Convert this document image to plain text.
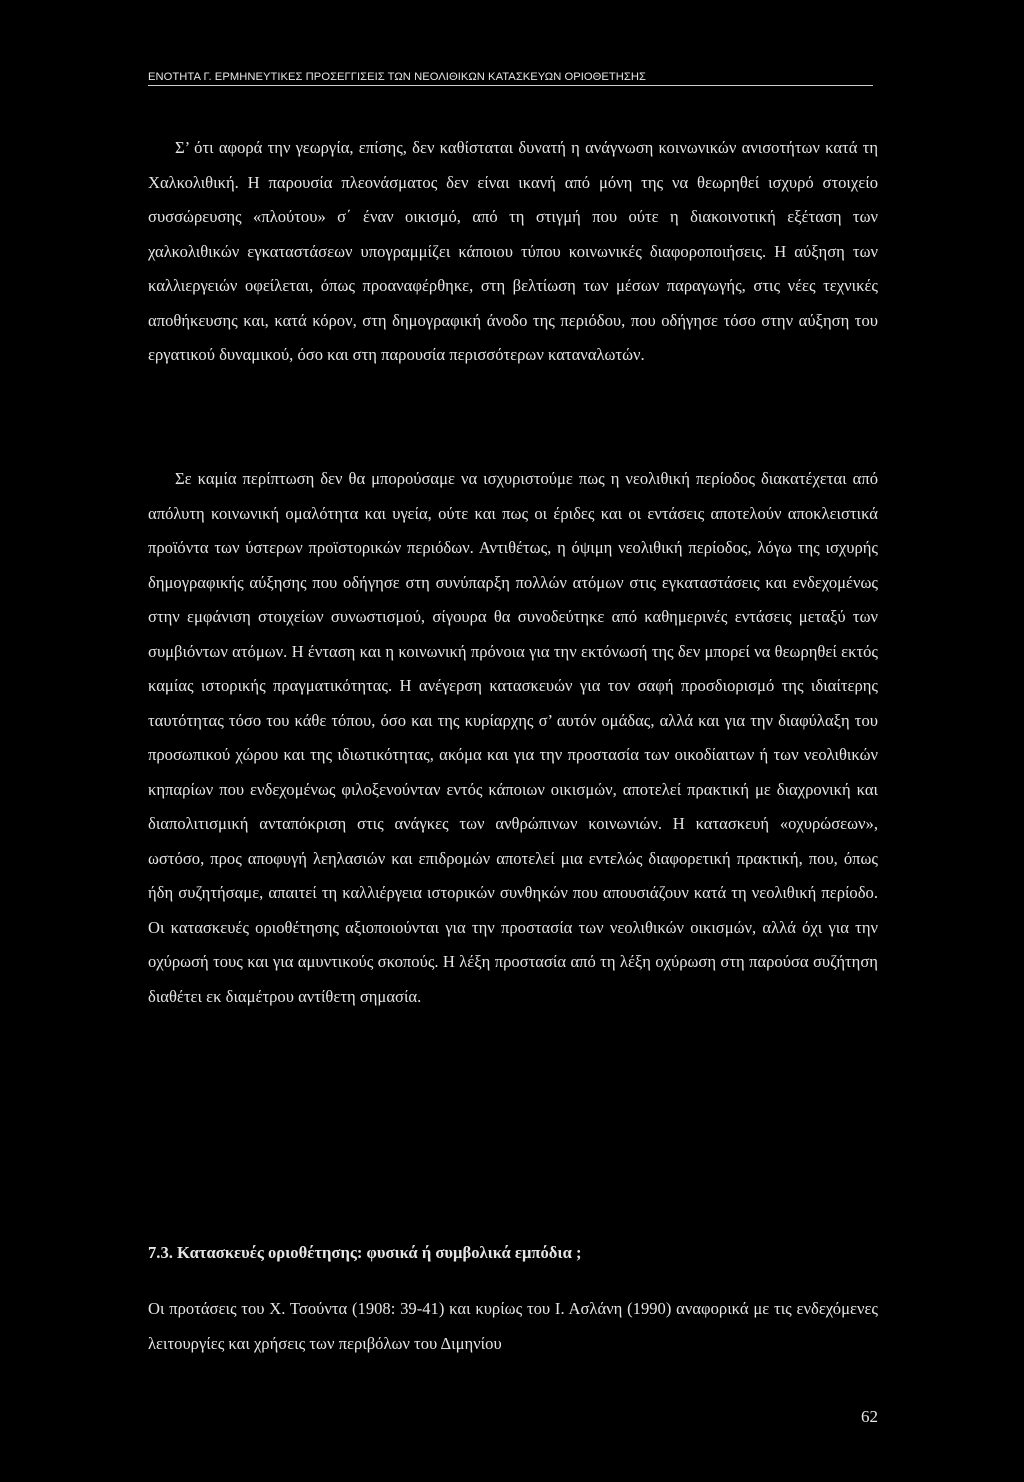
ΕΝΟΤΗΤΑ Γ. ΕΡΜΗΝΕΥΤΙΚΕΣ ΠΡΟΣΕΓΓΙΣΕΙΣ ΤΩΝ ΝΕΟΛΙΘΙΚΩΝ ΚΑΤΑΣΚΕΥΩΝ ΟΡΙΟΘΕΤΗΣΗΣ

Σ’ ότι αφορά την γεωργία, επίσης, δεν καθίσταται δυνατή η ανάγνωση κοινωνικών ανισοτήτων κατά τη Χαλκολιθική. Η παρουσία πλεονάσματος δεν είναι ικανή από μόνη της να θεωρηθεί ισχυρό στοιχείο συσσώρευσης «πλούτου» σ΄ έναν οικισμό, από τη στιγμή που ούτε η διακοινοτική εξέταση των χαλκολιθικών εγκαταστάσεων υπογραμμίζει κάποιου τύπου κοινωνικές διαφοροποιήσεις. Η αύξηση των καλλιεργειών οφείλεται, όπως προαναφέρθηκε, στη βελτίωση των μέσων παραγωγής, στις νέες τεχνικές αποθήκευσης και, κατά κόρον, στη δημογραφική άνοδο της περιόδου, που οδήγησε τόσο στην αύξηση του εργατικού δυναμικού, όσο και στη παρουσία περισσότερων καταναλωτών.

Σε καμία περίπτωση δεν θα μπορούσαμε να ισχυριστούμε πως η νεολιθική περίοδος διακατέχεται από απόλυτη κοινωνική ομαλότητα και υγεία, ούτε και πως οι έριδες και οι εντάσεις αποτελούν αποκλειστικά προϊόντα των ύστερων προϊστορικών περιόδων. Αντιθέτως, η όψιμη νεολιθική περίοδος, λόγω της ισχυρής δημογραφικής αύξησης που οδήγησε στη συνύπαρξη πολλών ατόμων στις εγκαταστάσεις και ενδεχομένως στην εμφάνιση στοιχείων συνωστισμού, σίγουρα θα συνοδεύτηκε από καθημερινές εντάσεις μεταξύ των συμβιόντων ατόμων. Η ένταση και η κοινωνική πρόνοια για την εκτόνωσή της δεν μπορεί να θεωρηθεί εκτός καμίας ιστορικής πραγματικότητας. Η ανέγερση κατασκευών για τον σαφή προσδιορισμό της ιδιαίτερης ταυτότητας τόσο του κάθε τόπου, όσο και της κυρίαρχης σ’ αυτόν ομάδας, αλλά και για την διαφύλαξη του προσωπικού χώρου και της ιδιωτικότητας, ακόμα και για την προστασία των οικοδίαιτων ή των νεολιθικών κηπαρίων που ενδεχομένως φιλοξενούνταν εντός κάποιων οικισμών, αποτελεί πρακτική με διαχρονική και διαπολιτισμική ανταπόκριση στις ανάγκες των ανθρώπινων κοινωνιών. Η κατασκευή «οχυρώσεων», ωστόσο, προς αποφυγή λεηλασιών και επιδρομών αποτελεί μια εντελώς διαφορετική πρακτική, που, όπως ήδη συζητήσαμε, απαιτεί τη καλλιέργεια ιστορικών συνθηκών που απουσιάζουν κατά τη νεολιθική περίοδο. Οι κατασκευές οριοθέτησης αξιοποιούνται για την προστασία των νεολιθικών οικισμών, αλλά όχι για την οχύρωσή τους και για αμυντικούς σκοπούς. Η λέξη προστασία από τη λέξη οχύρωση στη παρούσα συζήτηση διαθέτει εκ διαμέτρου αντίθετη σημασία.

7.3. Κατασκευές οριοθέτησης: φυσικά ή συμβολικά εμπόδια ;

Οι προτάσεις του Χ. Τσούντα (1908: 39-41) και κυρίως του Ι. Ασλάνη (1990) αναφορικά με τις ενδεχόμενες λειτουργίες και χρήσεις των περιβόλων του Διμηνίου

62
